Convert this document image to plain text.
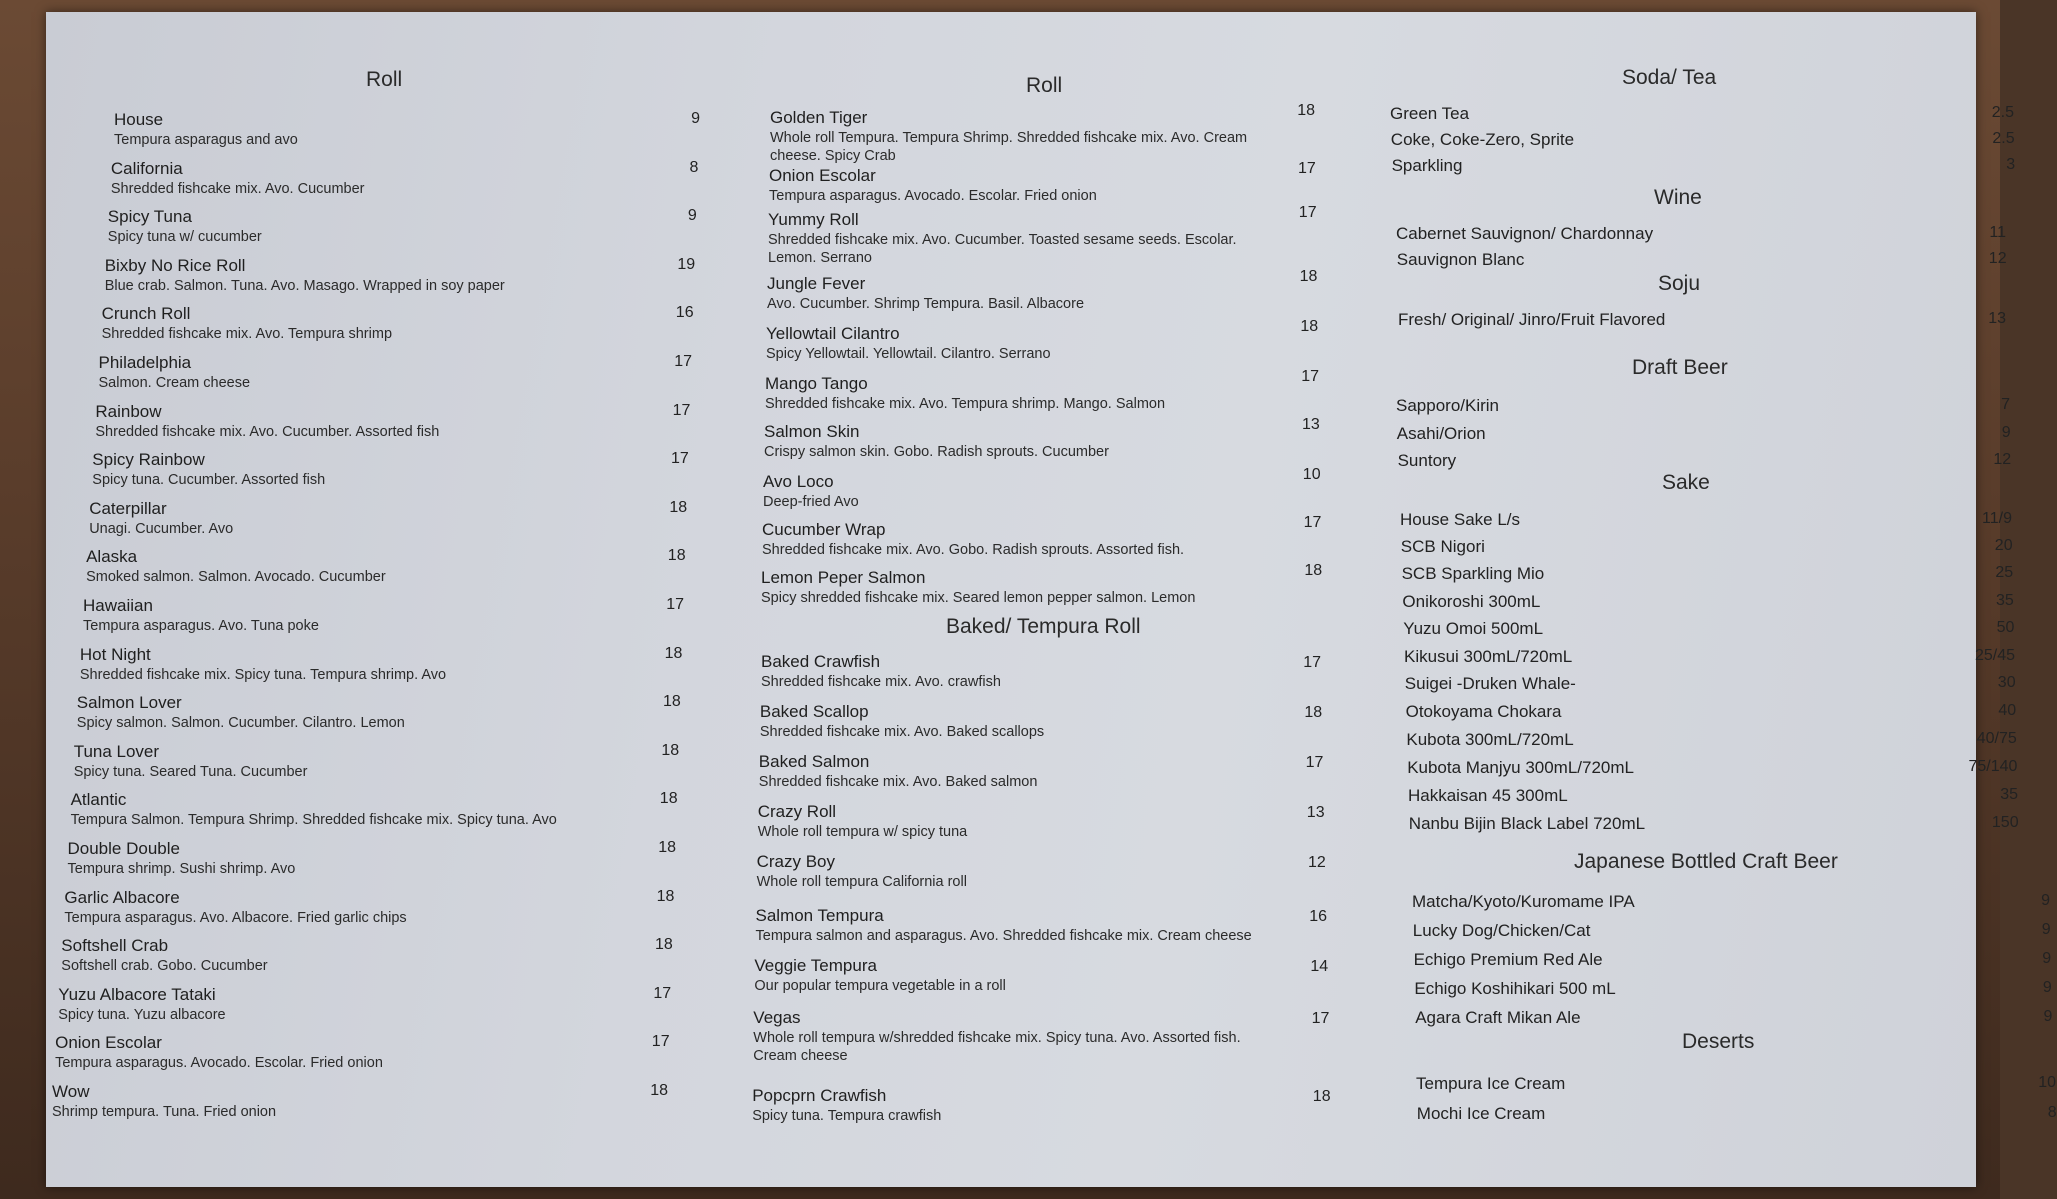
Roll
House
Tempura asparagus and avo
9
California
Shredded fishcake mix. Avo. Cucumber
8
Spicy Tuna
Spicy tuna w/ cucumber
9
Bixby No Rice Roll
Blue crab. Salmon. Tuna. Avo. Masago. Wrapped in soy paper
19
Crunch Roll
Shredded fishcake mix. Avo. Tempura shrimp
16
Philadelphia
Salmon. Cream cheese
17
Rainbow
Shredded fishcake mix. Avo. Cucumber. Assorted fish
17
Spicy Rainbow
Spicy tuna. Cucumber. Assorted fish
17
Caterpillar
Unagi. Cucumber. Avo
18
Alaska
Smoked salmon. Salmon. Avocado. Cucumber
18
Hawaiian
Tempura asparagus. Avo. Tuna poke
17
Hot Night
Shredded fishcake mix. Spicy tuna. Tempura shrimp. Avo
18
Salmon Lover
Spicy salmon. Salmon. Cucumber. Cilantro. Lemon
18
Tuna Lover
Spicy tuna. Seared Tuna. Cucumber
18
Atlantic
Tempura Salmon. Tempura Shrimp. Shredded fishcake mix. Spicy tuna. Avo
18
Double Double
Tempura shrimp. Sushi shrimp. Avo
18
Garlic Albacore
Tempura asparagus. Avo. Albacore. Fried garlic chips
18
Softshell Crab
Softshell crab. Gobo. Cucumber
18
Yuzu Albacore Tataki
Spicy tuna. Yuzu albacore
17
Onion Escolar
Tempura asparagus. Avocado. Escolar. Fried onion
17
Wow
Shrimp tempura. Tuna. Fried onion
18
Roll
Golden Tiger
Whole roll Tempura. Tempura Shrimp. Shredded fishcake mix. Avo. Cream
cheese. Spicy Crab
18
Onion Escolar
Tempura asparagus. Avocado. Escolar. Fried onion
17
Yummy Roll
Shredded fishcake mix. Avo. Cucumber. Toasted sesame seeds. Escolar.
Lemon. Serrano
17
Jungle Fever
Avo. Cucumber. Shrimp Tempura. Basil. Albacore
18
Yellowtail Cilantro
Spicy Yellowtail. Yellowtail. Cilantro. Serrano
18
Mango Tango
Shredded fishcake mix. Avo. Tempura shrimp. Mango. Salmon
17
Salmon Skin
Crispy salmon skin. Gobo. Radish sprouts. Cucumber
13
Avo Loco
Deep-fried Avo
10
Cucumber Wrap
Shredded fishcake mix. Avo. Gobo. Radish sprouts. Assorted fish.
17
Lemon Peper Salmon
Spicy shredded fishcake mix. Seared lemon pepper salmon. Lemon
18
Baked/ Tempura Roll
Baked Crawfish
Shredded fishcake mix. Avo. crawfish
17
Baked Scallop
Shredded fishcake mix. Avo. Baked scallops
18
Baked Salmon
Shredded fishcake mix. Avo. Baked salmon
17
Crazy Roll
Whole roll tempura w/ spicy tuna
13
Crazy Boy
Whole roll tempura California roll
12
Salmon Tempura
Tempura salmon and asparagus. Avo. Shredded fishcake mix. Cream cheese
16
Veggie Tempura
Our popular tempura vegetable in a roll
14
Vegas
Whole roll tempura w/shredded fishcake mix. Spicy tuna. Avo. Assorted fish.
Cream cheese
17
Popcprn Crawfish
Spicy tuna. Tempura crawfish
18
Soda/ Tea
Wine
Soju
Draft Beer
Sake
Japanese Bottled Craft Beer
Deserts
Green Tea	2.5
Coke, Coke-Zero, Sprite	2.5
Sparkling	3
Cabernet Sauvignon/ Chardonnay	11
Sauvignon Blanc	12
Fresh/ Original/ Jinro/Fruit Flavored	13
Sapporo/Kirin	7
Asahi/Orion	9
Suntory	12
House Sake L/s	11/9
SCB Nigori	20
SCB Sparkling Mio	25
Onikoroshi 300mL	35
Yuzu Omoi 500mL	50
Kikusui 300mL/720mL	25/45
Suigei -Druken Whale-	30
Otokoyama Chokara	40
Kubota 300mL/720mL	40/75
Kubota Manjyu 300mL/720mL	75/140
Hakkaisan 45 300mL	35
Nanbu Bijin Black Label 720mL	150
Matcha/Kyoto/Kuromame IPA	9
Lucky Dog/Chicken/Cat	9
Echigo Premium Red Ale	9
Echigo Koshihikari 500 mL	9
Agara Craft Mikan Ale	9
Tempura Ice Cream	10
Mochi Ice Cream	8
